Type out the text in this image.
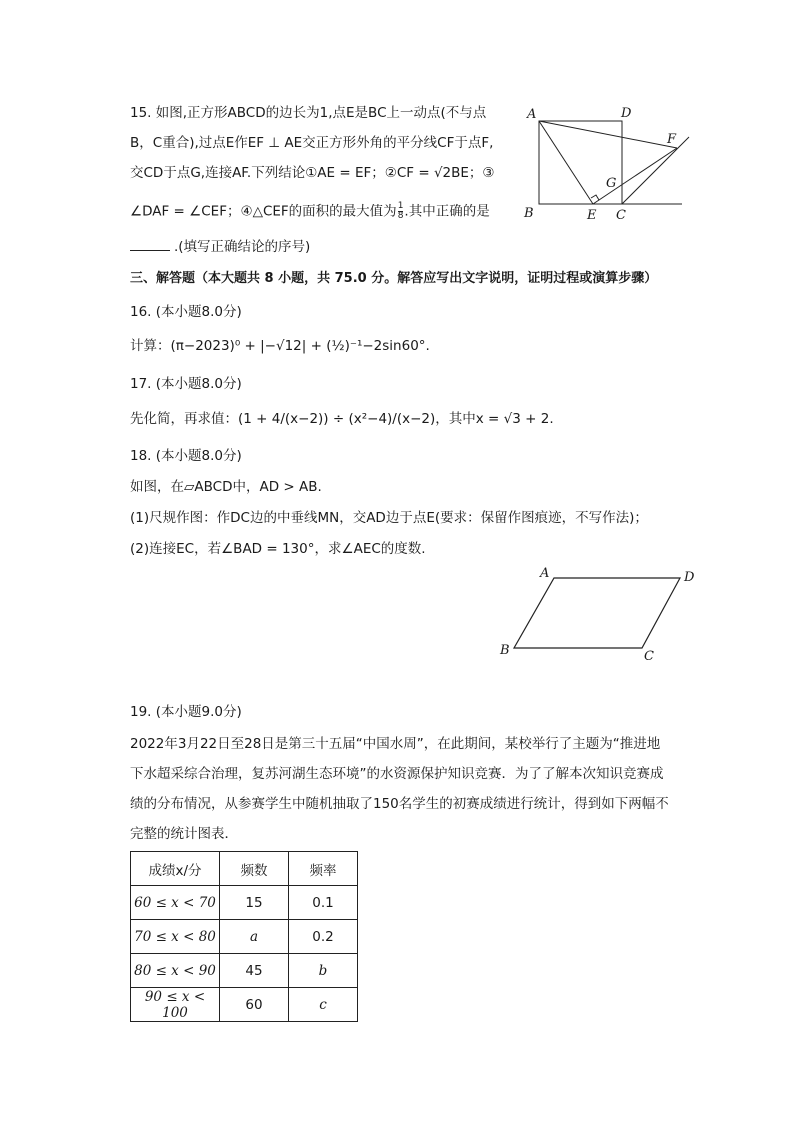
15. 如图,正方形ABCD的边长为1,点E是BC上一动点(不与点
B，C重合),过点E作EF ⊥ AE交正方形外角的平分线CF于点F,
交CD于点G,连接AF.下列结论①AE = EF；②CF = √2BE；③
∠DAF = ∠CEF；④△CEF的面积的最大值为 $\frac{1}{8}$ .其中正确的是
.(填写正确结论的序号)
A	D
F
G
B	E C
三、解答题（本大题共 8 小题，共 75.0 分。解答应写出文字说明，证明过程或演算步骤）
16. (本小题8.0分)
计算：(π−2023)⁰ + |−√12| + (½)⁻¹−2sin60°.
17. (本小题8.0分)
先化简，再求值：(1 + 4/(x−2)) ÷ (x²−4)/(x−2)，其中x = √3 + 2.
18. (本小题8.0分)
如图，在▱ABCD中，AD > AB.
(1)尺规作图：作DC边的中垂线MN，交AD边于点E(要求：保留作图痕迹，不写作法)；
(2)连接EC，若∠BAD = 130°，求∠AEC的度数.
A	D
B	C
19. (本小题9.0分)
2022年3月22日至28日是第三十五届“中国水周”，在此期间，某校举行了主题为“推进地
下水超采综合治理，复苏河湖生态环境”的水资源保护知识竞赛．为了了解本次知识竞赛成
绩的分布情况，从参赛学生中随机抽取了150名学生的初赛成绩进行统计，得到如下两幅不
完整的统计图表．
成绩x/分	频数	频率
60 ≤ x < 70	15	0.1
70 ≤ x < 80	a	0.2
80 ≤ x < 90	45	b
90 ≤ x < 100	60	c
